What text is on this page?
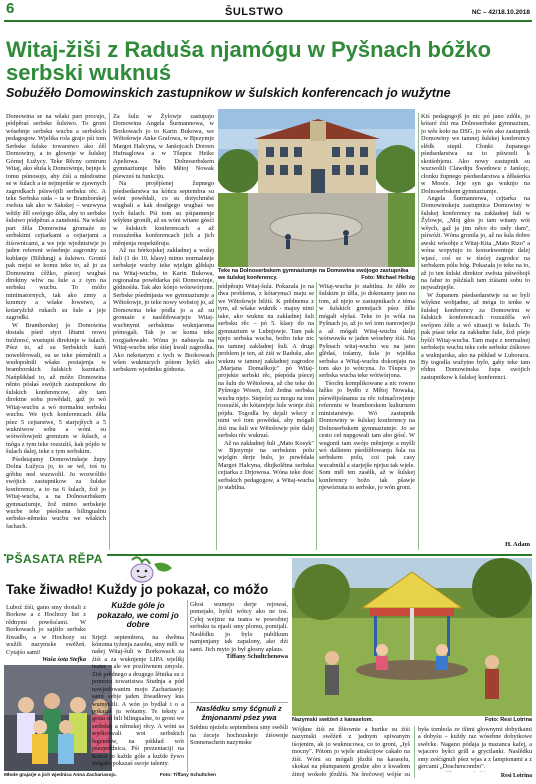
6	ŠULSTWO	NC – 42/18.10.2018
Witaj-žiši z Raduša njamógu w Pyšnach bóžko serbski wuknuś
Sobuźěło Domowinskich zastupnikow w šulskich konferencach jo wužytne

Domowina se na wšaki part procujo, pódpěraś serbske šulstwo. To groni wósebnje serbsku wucbu a serbskich pedagogow. Wjelika rola grajo pśi tom Serbske šulske towarstwo ako źěl Domowiny, a to głownje w šulskej Górnej Łužycy. Teke Rěcny centrum Witaj, ako słuša k Domowinje, bejnje k tomu pśinosujo, aby źiśi a młodostne se w šulach a te nejmjeńše w zjawnych zagrodkach pśiswójili serbsku rěc. A teke Serbska rada – ta w Bramborskej zwěsta tak ako w Sakskej – wuzwyna wětšy źěl swójogo źěła, aby to serbske šulstwo pódpěraś a zaměsniś. Na wšaki part źěla Domowina gromaźe ze serbskimi cejtarkami a cejtarjami a źiśownicami, a we jeje wjednistwje jo jaden referent wósebnje zagronity za kubłanje (Bildung) a šulstwo. Groniś pak mejsi se komu teke to, až jo za Domowinu ćěžko, pśecej wugbaś direktny wliw na šule a z tym na serbsku wucbu. To móžo minimatornych, tak ako zmty a konmzy a wšake łowstwo, a kotaryžchž rukach su šule a jeje zagrodki.

W Bramborskej jo Domowina dostała pśed styri lětami nowu móžnosć, wustupiś direktnje w šulach. Pśez to, až su Serbskich kazń nowelěrowali, su se teke pśeměnili a wudopołnili wšake postajenja w bramborskich šulskich kazniach. Nańpšikład to, až móžo Domowina něnto pósłaś swójich zastupnikow do šulskich konferencow, aby tam direktne sobu powědali, gaž jo wó Witaj-wucbu a wó normalnu serbsku wucbu. We tych konferencach źěła pśez 5 cejtarstwe, 5 starjejšych a 5 wukniwow sobu a wóni su wótwólowjeńi gremium w šulach, a móga z tym teke rozsuźiś, kak pójdo w šulach dalej, teke z tym serbskim.

Pśedstajamy Domowinskeje župy Dolna Łužyca jo, to se wě, toś tu góbhu ned wuzwolił. Ju wozwóliło swójich zastupnikow za šulske konference, a to na 6 šulach, žož jo Witaj-wucba, a na Dolnoserbskem gymnaziumje, žož mimo serbskeje wucbe teke pśeśisena bilingualnu serbsko-němsku wucbu we wšakich fachach.

Za šulu w Žylowje zastupajo Domowinu Angela Šurmannowa, w Borkowach jo to Karin Bukowa, we Wětošowje Anke Grafowa, w Bjezymje Margot Halcyna, w Janšojcach Doreen Hufnaglowa a w Tšupcu Heike Apeltowa. Na Dolnoserbskem gymnaziumje běło Mětoj Nowak pśewześ tu funkciju.

Na projějśenej župnego pśedsedarstwa na kóńcu septembra su wóni powědali, co su dotychměst wugbali a kak dosěgego wugbaś we tych šulach. Pśi tom su pśipamenje wšykne gronili, až su wóni witane gósći w šulskich konferencach a až rozsuźeńka konferencach jich a jich měnjenja respektěruju.

Až na bórkojskej zakładnej a wušej šuli (1 do 10. klasy) mimo normalneje serbskeje wucby teke wjelgin glědaju na Witaj-wucbu, to Karin Bukowa, regionalna powědarka pśi Domowinje, gódnośiła. Tak ako kónjo wótewórjone. Serbske pśedmjasta we gymnaziumje a Wětošowje, jo teke nowy wobstoj jo, až Domowina teke pódla jo a až su gromaźe z naslědowarjeju Witaj-wucbnymi serbskima wuknjaroma pómogali. Tak jo se koma teke rozgjadowało. Wóna jo nabusyla na Witaj-wucbu teke śiśej kwali zagrodka. Ako nekotarym z tych w Borkowach wšen wuknucych pótom hyšći ako serbskem wjedniku gódnota.

Teke na Dolnoserbskem gymnaziumje na Domowina swójogo zastupnika we šulskej konferency.	Foto: Michael Helbig

pódpěraju Witaj-šula. Pokazała jo na dwa problema, z kótaryma3 maju se we Wětošowje běźiś. K prědnemu z tym, až wšake wuknik - majuy nimi take, ako wuknu na zakładnej šuli serbsku rěc – pó 5. klasy do na gymnazium w Lubnjowje. Tam pak njejo serbska wucba, božto teke nic na tamnej zakładnej šuli. A drugi problem je ten, až źiśi w Radušu, ako wuknu w tamnej zakładnej zagrodce „Marjana Domaškojc" pó Witaj-projekte serbski rěc, pśepóda pśecej na šulu do Wětošowa, až che teke do Pyšnogo Wosen, žož žedna serbska wucba njejo. Stejećej za mogu na tom rozsuźiś, do kótarejeje šule wonje źiśi pójdu. Togodla by dejali wšecy z nimi wó tom powědaś, aby mógali źiśi ma šuli we Wětošowje pón dalej serbsku rěc wuknuś.

Až na zakładnej šuli „Mato Kosyk" w Bjezymje na serbskem polu wjelgin derje bulo, jo powědała Margot Halcyna, dłujkolětna serbska cejtarka z Drjowosa. Wóna teke dosć serbskich pedagogow, a Witaj-wucba jo stabilna.

Witaj-wucba jo stabilna. Jo źěło ze šulskim jo źěla, jo dokonamy jano na tom, až njejo w zastupnikach z téma w šulskich gremijach pśez źěle mógali słyšaś. Teke to jo wóla na Pyšnach jo, až jo wó tom nanowjecju a až mógali Witaj-wucbu dalej wótwuwšu w jaden wósebny źiśi. Na Pyšnach witaj-wucbu wu na jano glědaś, tośamy, šula jo wjelika serbska a Witaj-wucbu dokonjaju na tom ako jo wótcyna. Jo Tšupcu jo serbska wucba teke wótwórjona.

Tśochu komplikowane a nic rowno łažko jo bydło z Mětoj Nowaka, pśewětjošnamu za rěc tolmačowjenje referentu w bramborskem kulturnem ministarstwje. Wó zastupnik Domowiny w šulskej konferency na Dolnoserbskem gymnaziumje. Jo se cesto ceł napgowali tam abo gósć. W wugonił tam swójo měnjenje a myšli wó dalšnem pśedźěłowanju šula na serbskem polu, coi pak casy wucabnikĺ a starjejše njejsu tak wjele. Som měl ten zasěłk, až w šulskej konferency božo tak pšawje njewóznata to serbske, jo wón groni.

Kiś pedagogojš jo nic pó jano zdóle, jo kótaré źiśi ma Dolnoserbske gymnazium, jo wěs koło na DSG, jo wón ako zastupnik Domowiny we tamnej šulskej konferency slědk stupił. Cłonki županego pśedsedarstwa su to pśiwzeli k skotśobjenu. Ako nowy zastupnik su wuzwolili Clawdiju Šwedowu z Janšojc, cłonku župnego pśedsedarstwa a źěłaśerka w Mosće. Jeje syn ga wuknjo na Dolnoserbskem gymnaziumje.

Angela Šurmannowa, cejtarka na Domowinskeju zastupnica Domowiny w šulskej konferency na zakładnej šuli w Žylowje, „Mój głos jo tam witany wót wšych, gaž ja jim něco do rady dam", pśiwóźi. Wóna gronila jo, až na šula dobre awski wósobje z Witaj-Kita „Mato Rizo" a wóna wopytujo to konsekwentnje dalej wjasć, coś se w tśećej zagrodce na serbskem pólu bóg. Pokazała jo teke na to, až jo ten šulski direktor zwěsta pśiwóbojš na fahsr to pśiźiśali tam źiśiami sobu to nejwažnjejše.

W županem pśedsedarstwje su se byli wšykne wobjadne, až móga to tenke w šulskej konferency za Domowinu w šulskich konferencach rozsuźěla wó swójom źěle a wó situacji w šulach. To pak pśasi teke za zakładne šule, žož pśeje hyšći Witaj-wucba. Tam maju z normalnej serbskeju wucbu teke cełe serbske źiśkowe a wuknjarska, ako na pśikład w Luboracu. By togodla wužytne bylo, gaby teke tam rědnu Domowinska župa swójich zastupnikow k šulskej konferenci.

H. Adam
PŠASATA RĚPA
Take žiwadło! Kuždy jo pokazał, co móžo

Luboź źiśi, gano smy dostali z Borkow a z Hochozy list z rědnymi powěsćami. W Borkowach jo sajźiło serbske žiwadło, a w Hochozy su wužili nazymske swěžeń. Cytajśo sami!

Waša śota Stefka

Młode grajarje a jich wjednica Anna Zachariasojc.	Foto: Tiffany Schultchen
Kužde góle jo pokazało, we comi jo dobre

Srjejź septembera, na dwěma kónoma tyźenja zasobu, smy měli w našej Witaj-šuli w Borkowach za źiśi a za wuknjenje LIPA wjelikj teater – ale we pozítiwnem zmysle. Źiśi prědnego a drugego lětnika su z pomocu towaristwa Studnja a pód nawjedowanim mojo Zachariasojc sami sebje jaden žiwadłowy kus wumyslili. A wón jo bydlał i o a pokazał ju wótamy. Te teksty a gesta su bili bilingualne, to groni we serbskej a němskej rěcy. A wóni sa wjelicowali wot serbskich legendow, na pśikład wót pśezpołdnica. Pśi prezentaciji na końcu jo každe góle a kužde žywo mógało pokazaś swoje talenty.

Głosi wumejo derje rejowaś, pomejało, hyšći wótcy ako ne toś. Cyłej wejżne na teatra w powožnej serbsku ta njasli smy plomu, pomijali. Naslědku jo bylo publikum namjenjany tak zapalony, ako dźi sami. Jich myto jo był głosny aplaus.

Tiffany Schultchenowa

Naslědku smy šćgnuli z žmjonanmi pśez ywa

Srědnu njeźelu septembera smy swěśli na źeceje hochozskeje źiśownje Sonnenschein nazymske

Nazymski swěźeń z karaselom.	Foto: Resi Lotrina

Wójkne źiśi ze žšiownie a hurtke su źiśi nazymski swěźeń z jadnym spiwanym tśojenim, ak jo wuknucowa, co to groni, „Iyš mocny". Pótom jo wjele atrakcijow cakało na źiśi. Wóni su mógali jězdiś na karaselu, skokaś na pšumpanem grodze abo z kwadom źinoj wokoło jězdźiś. Na šrečowej wójśe su

była tombola ze tšimi głownymi dobytkami a dobyśu – kuždy raz wósebne dobytkowe swěcke. Nagano pódaja ja mazanca kafej, a wjacoro byšci grill a grycilanki. Naslědku smy ześćignuli pśez wjas a z lampionami a z gercami „Drachencombo".

Resi Lotrina
